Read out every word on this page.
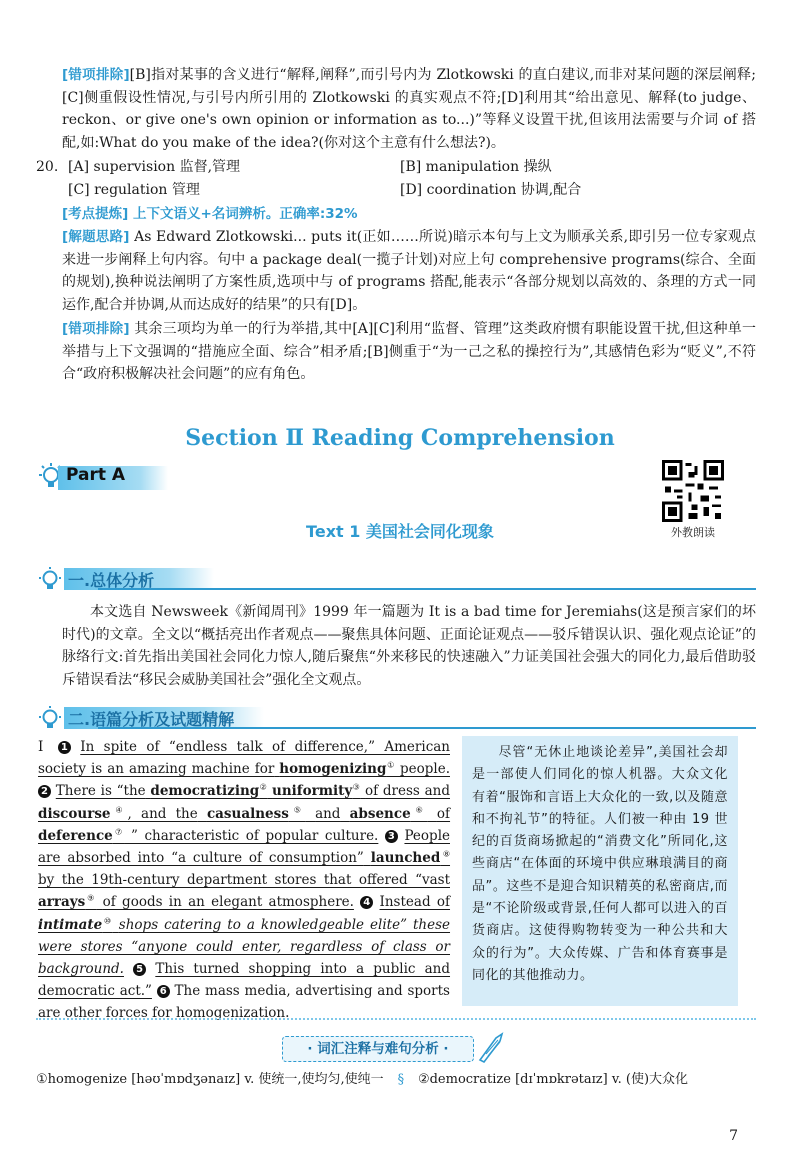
[错项排除][B]指对某事的含义进行“解释,阐释”,而引号内为 Zlotkowski 的直白建议,而非对某问题的深层阐释;[C]侧重假设性情况,与引号内所引用的 Zlotkowski 的真实观点不符;[D]利用其“给出意见、解释(to judge、reckon、or give one's own opinion or information as to...)”等释义设置干扰,但该用法需要与介词 of 搭配,如:What do you make of the idea?(你对这个主意有什么想法?)。
20. [A] supervision 监督,管理	[B] manipulation 操纵
[C] regulation 管理	[D] coordination 协调,配合
[考点提炼] 上下文语义+名词辨析。正确率:32%
[解题思路] As Edward Zlotkowski... puts it(正如……所说)暗示本句与上文为顺承关系,即引另一位专家观点来进一步阐释上句内容。句中 a package deal(一揽子计划)对应上句 comprehensive programs(综合、全面的规划),换种说法阐明了方案性质,选项中与 of programs 搭配,能表示“各部分规划以高效的、条理的方式一同运作,配合并协调,从而达成好的结果”的只有[D]。
[错项排除] 其余三项均为单一的行为举措,其中[A][C]利用“监督、管理”这类政府惯有职能设置干扰,但这种单一举措与上下文强调的“措施应全面、综合”相矛盾;[B]侧重于“为一己之私的操控行为”,其感情色彩为“贬义”,不符合“政府积极解决社会问题”的应有角色。
Section Ⅱ Reading Comprehension
Part A
外教朗读
Text 1 美国社会同化现象
一.总体分析
本文选自 Newsweek《新闻周刊》1999 年一篇题为 It is a bad time for Jeremiahs(这是预言家们的坏时代)的文章。全文以“概括亮出作者观点——聚焦具体问题、正面论证观点——驳斥错误认识、强化观点论证”的脉络行文:首先指出美国社会同化力惊人,随后聚焦“外来移民的快速融入”力证美国社会强大的同化力,最后借助驳斥错误看法“移民会威胁美国社会”强化全文观点。
二.语篇分析及试题精解
Ⅰ 1 In spite of “endless talk of difference,” American society is an amazing machine for homogenizing① people. 2 There is “the democratizing② uniformity③ of dress and discourse④, and the casualness⑤ and absence⑥ of deference⑦ ” characteristic of popular culture. 3 People are absorbed into “a culture of consumption” launched⑧ by the 19th-century department stores that offered “vast arrays⑨ of goods in an elegant atmosphere. 4 Instead of intimate⑩ shops catering to a knowledgeable elite” these were stores “anyone could enter, regardless of class or background. 5 This turned shopping into a public and democratic act.” 6 The mass media, advertising and sports are other forces for homogenization.
尽管“无休止地谈论差异”,美国社会却是一部使人们同化的惊人机器。大众文化有着“服饰和言语上大众化的一致,以及随意和不拘礼节”的特征。人们被一种由 19 世纪的百货商场掀起的“消费文化”所同化,这些商店“在体面的环境中供应琳琅满目的商品”。这些不是迎合知识精英的私密商店,而是“不论阶级或背景,任何人都可以进入的百货商店。这使得购物转变为一种公共和大众的行为”。大众传媒、广告和体育赛事是同化的其他推动力。
· 词汇注释与难句分析 ·
①homogenize [həʊˈmɒdʒənaɪz] v. 使统一,使均匀,使纯一 § ②democratize [dɪˈmɒkrətaɪz] v. (使)大众化
7
